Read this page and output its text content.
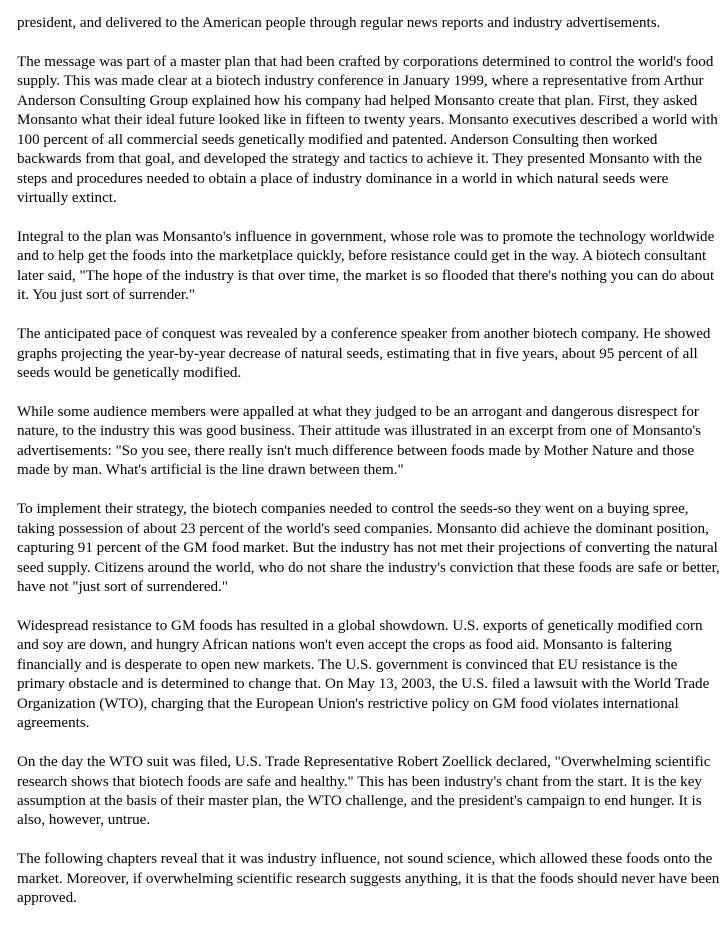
president, and delivered to the American people through regular news reports and industry advertisements.

The message was part of a master plan that had been crafted by corporations determined to control the world's food supply. This was made clear at a biotech industry conference in January 1999, where a representative from Arthur Anderson Consulting Group explained how his company had helped Monsanto create that plan. First, they asked Monsanto what their ideal future looked like in fifteen to twenty years. Monsanto executives described a world with 100 percent of all commercial seeds genetically modified and patented. Anderson Consulting then worked backwards from that goal, and developed the strategy and tactics to achieve it. They presented Monsanto with the steps and procedures needed to obtain a place of industry dominance in a world in which natural seeds were virtually extinct.

Integral to the plan was Monsanto's influence in government, whose role was to promote the technology worldwide and to help get the foods into the marketplace quickly, before resistance could get in the way. A biotech consultant later said, "The hope of the industry is that over time, the market is so flooded that there's nothing you can do about it. You just sort of surrender."

The anticipated pace of conquest was revealed by a conference speaker from another biotech company. He showed graphs projecting the year-by-year decrease of natural seeds, estimating that in five years, about 95 percent of all seeds would be genetically modified.

While some audience members were appalled at what they judged to be an arrogant and dangerous disrespect for nature, to the industry this was good business. Their attitude was illustrated in an excerpt from one of Monsanto's advertisements: "So you see, there really isn't much difference between foods made by Mother Nature and those made by man. What's artificial is the line drawn between them."

To implement their strategy, the biotech companies needed to control the seeds-so they went on a buying spree, taking possession of about 23 percent of the world's seed companies. Monsanto did achieve the dominant position, capturing 91 percent of the GM food market. But the industry has not met their projections of converting the natural seed supply. Citizens around the world, who do not share the industry's conviction that these foods are safe or better, have not "just sort of surrendered."

Widespread resistance to GM foods has resulted in a global showdown. U.S. exports of genetically modified corn and soy are down, and hungry African nations won't even accept the crops as food aid. Monsanto is faltering financially and is desperate to open new markets. The U.S. government is convinced that EU resistance is the primary obstacle and is determined to change that. On May 13, 2003, the U.S. filed a lawsuit with the World Trade Organization (WTO), charging that the European Union's restrictive policy on GM food violates international agreements.

On the day the WTO suit was filed, U.S. Trade Representative Robert Zoellick declared, "Overwhelming scientific research shows that biotech foods are safe and healthy." This has been industry's chant from the start. It is the key assumption at the basis of their master plan, the WTO challenge, and the president's campaign to end hunger. It is also, however, untrue.

The following chapters reveal that it was industry influence, not sound science, which allowed these foods onto the market. Moreover, if overwhelming scientific research suggests anything, it is that the foods should never have been approved.
